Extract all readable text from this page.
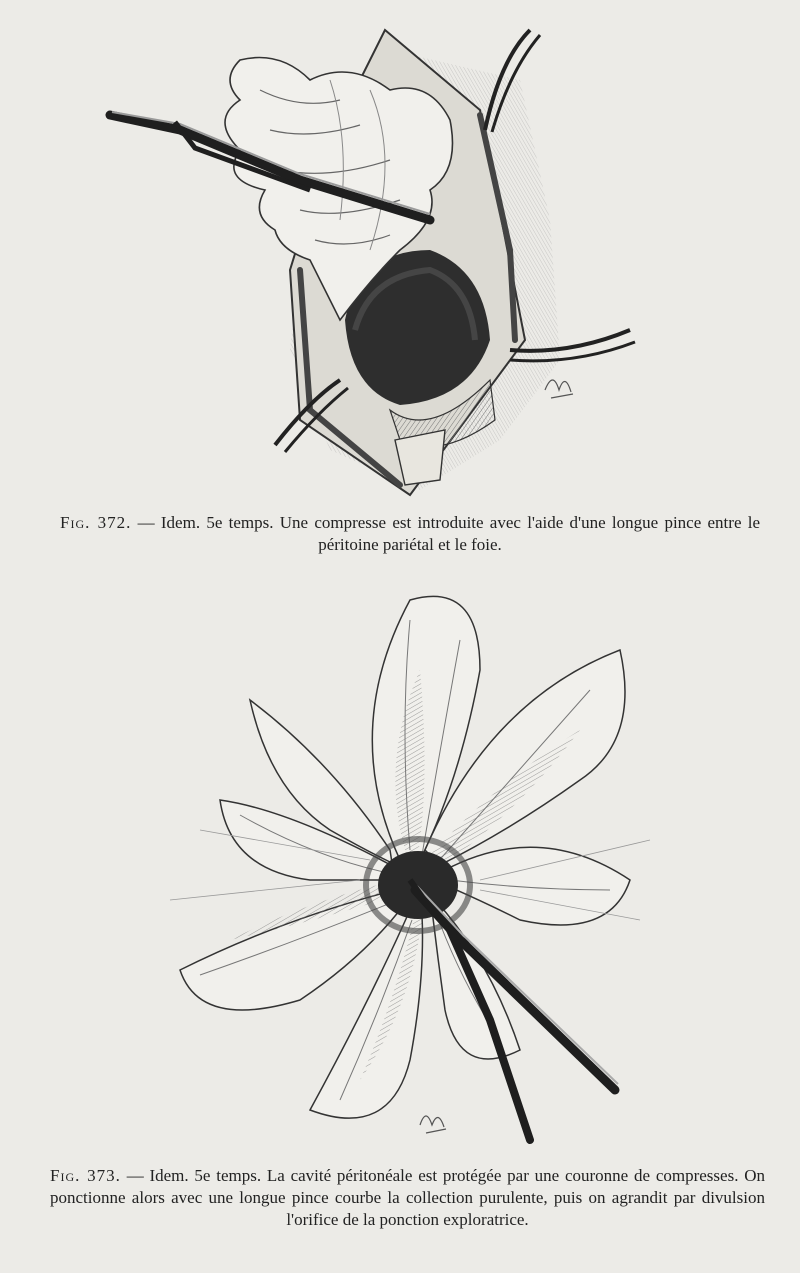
Fig. 372. — Idem. 5e temps. Une compresse est introduite avec l'aide d'une longue pince entre le péritoine pariétal et le foie.
Fig. 373. — Idem. 5e temps. La cavité péritonéale est protégée par une couronne de compresses. On ponctionne alors avec une longue pince courbe la collection purulente, puis on agrandit par divulsion l'orifice de la ponction exploratrice.
